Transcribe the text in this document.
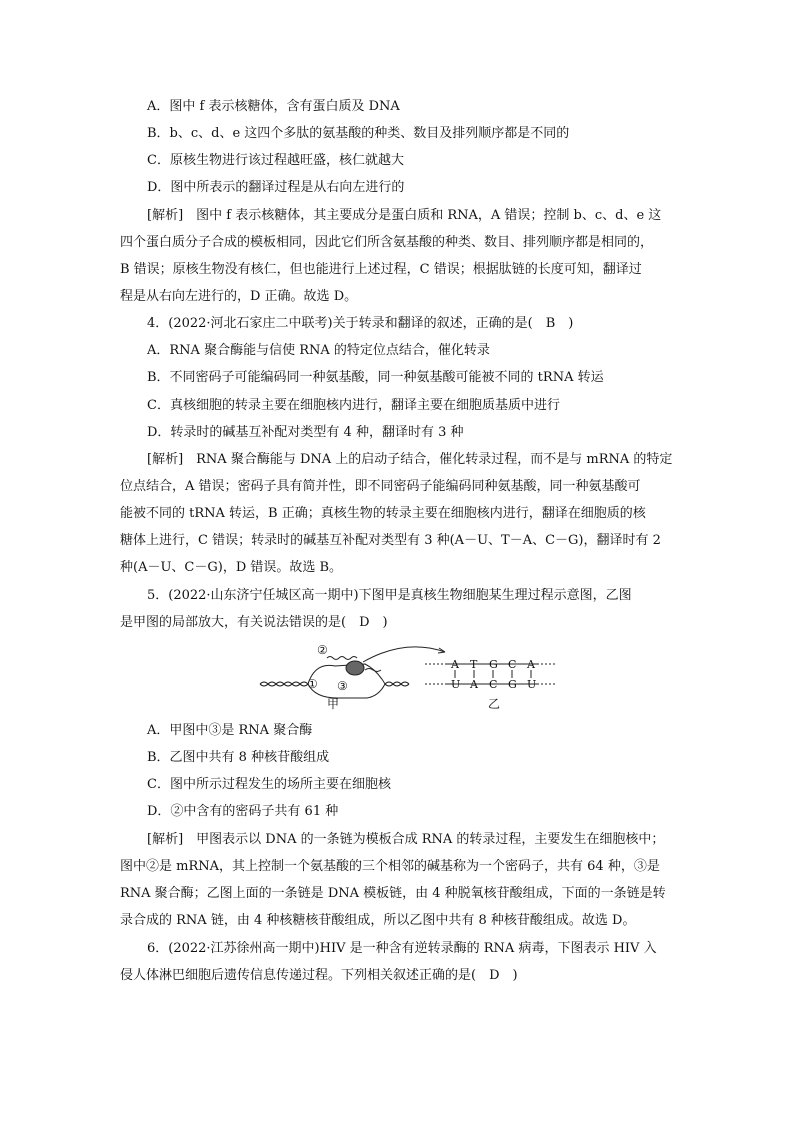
A．图中 f 表示核糖体，含有蛋白质及 DNA
B．b、c、d、e 这四个多肽的氨基酸的种类、数目及排列顺序都是不同的
C．原核生物进行该过程越旺盛，核仁就越大
D．图中所表示的翻译过程是从右向左进行的
[解析]　图中 f 表示核糖体，其主要成分是蛋白质和 RNA，A 错误；控制 b、c、d、e 这
四个蛋白质分子合成的模板相同，因此它们所含氨基酸的种类、数目、排列顺序都是相同的，
B 错误；原核生物没有核仁，但也能进行上述过程，C 错误；根据肽链的长度可知，翻译过
程是从右向左进行的，D 正确。故选 D。
4．(2022·河北石家庄二中联考)关于转录和翻译的叙述，正确的是(　B　)
A．RNA 聚合酶能与信使 RNA 的特定位点结合，催化转录
B．不同密码子可能编码同一种氨基酸，同一种氨基酸可能被不同的 tRNA 转运
C．真核细胞的转录主要在细胞核内进行，翻译主要在细胞质基质中进行
D．转录时的碱基互补配对类型有 4 种，翻译时有 3 种
[解析]　RNA 聚合酶能与 DNA 上的启动子结合，催化转录过程，而不是与 mRNA 的特定
位点结合，A 错误；密码子具有简并性，即不同密码子能编码同种氨基酸，同一种氨基酸可
能被不同的 tRNA 转运，B 正确；真核生物的转录主要在细胞核内进行，翻译在细胞质的核
糖体上进行，C 错误；转录时的碱基互补配对类型有 3 种(A－U、T－A、C－G)，翻译时有 2
种(A－U、C－G)，D 错误。故选 B。
5．(2022·山东济宁任城区高一期中)下图甲是真核生物细胞某生理过程示意图，乙图
是甲图的局部放大，有关说法错误的是(　D　)
②
① ③
甲
A T G C A
U A C G U
乙
A．甲图中③是 RNA 聚合酶
B．乙图中共有 8 种核苷酸组成
C．图中所示过程发生的场所主要在细胞核
D．②中含有的密码子共有 61 种
[解析]　甲图表示以 DNA 的一条链为模板合成 RNA 的转录过程，主要发生在细胞核中；
图中②是 mRNA，其上控制一个氨基酸的三个相邻的碱基称为一个密码子，共有 64 种，③是
RNA 聚合酶；乙图上面的一条链是 DNA 模板链，由 4 种脱氧核苷酸组成，下面的一条链是转
录合成的 RNA 链，由 4 种核糖核苷酸组成，所以乙图中共有 8 种核苷酸组成。故选 D。
6．(2022·江苏徐州高一期中)HIV 是一种含有逆转录酶的 RNA 病毒，下图表示 HIV 入
侵人体淋巴细胞后遗传信息传递过程。下列相关叙述正确的是(　D　)
